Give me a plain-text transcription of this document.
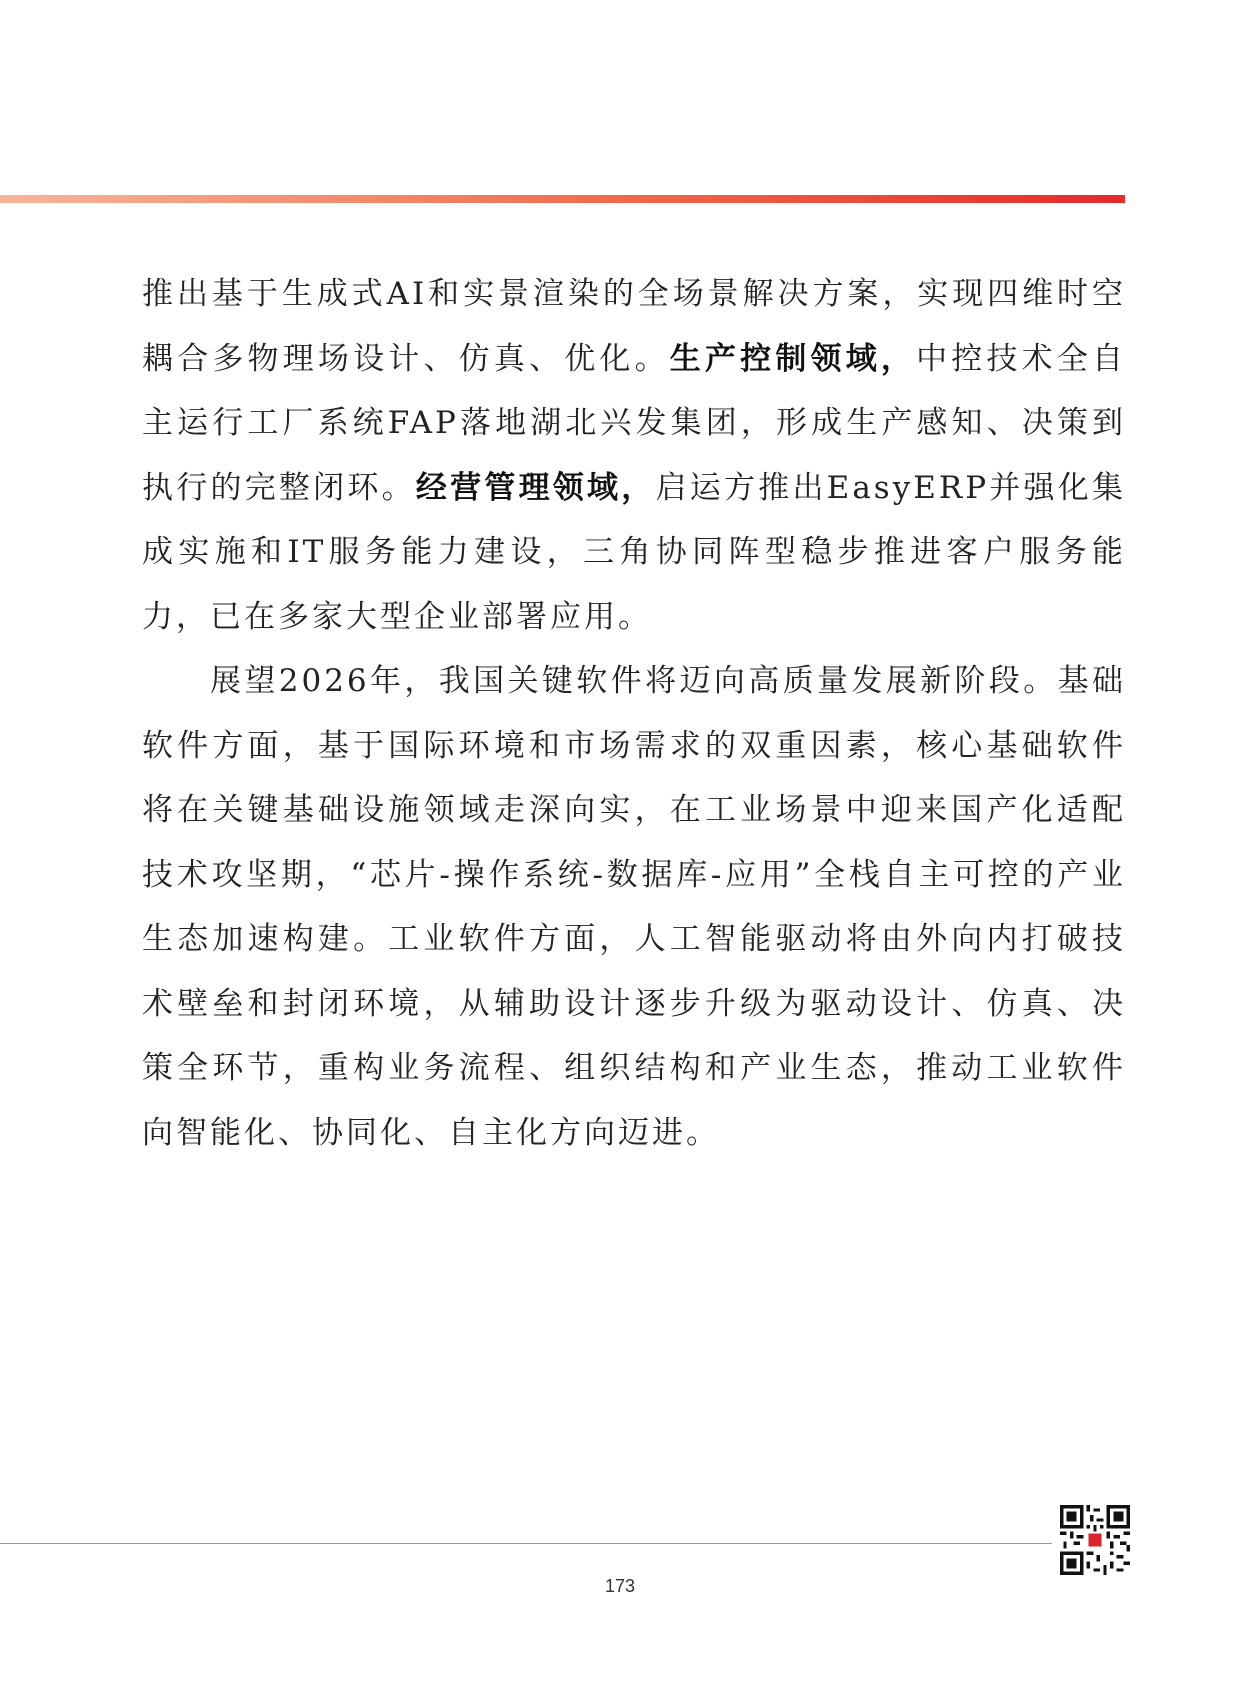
推出基于生成式AI和实景渲染的全场景解决方案，实现四维时空耦合多物理场设计、仿真、优化。生产控制领域，中控技术全自主运行工厂系统FAP落地湖北兴发集团，形成生产感知、决策到执行的完整闭环。经营管理领域，启运方推出EasyERP并强化集成实施和IT服务能力建设，三角协同阵型稳步推进客户服务能力，已在多家大型企业部署应用。

展望2026年，我国关键软件将迈向高质量发展新阶段。基础软件方面，基于国际环境和市场需求的双重因素，核心基础软件将在关键基础设施领域走深向实，在工业场景中迎来国产化适配技术攻坚期，“芯片-操作系统-数据库-应用”全栈自主可控的产业生态加速构建。工业软件方面，人工智能驱动将由外向内打破技术壁垒和封闭环境，从辅助设计逐步升级为驱动设计、仿真、决策全环节，重构业务流程、组织结构和产业生态，推动工业软件向智能化、协同化、自主化方向迈进。

173
